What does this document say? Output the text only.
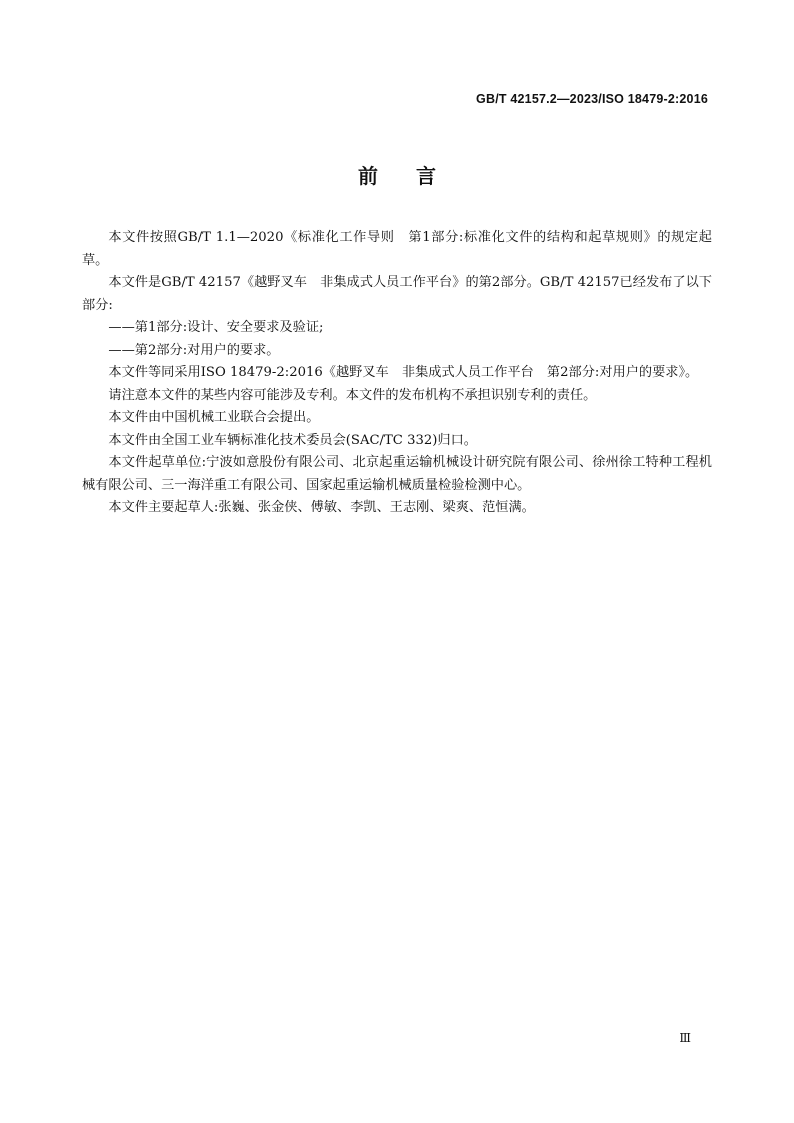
GB/T 42157.2—2023/ISO 18479-2:2016
前 言

本文件按照GB/T 1.1—2020《标准化工作导则　第1部分:标准化文件的结构和起草规则》的规定起草。

本文件是GB/T 42157《越野叉车　非集成式人员工作平台》的第2部分。GB/T 42157已经发布了以下部分:

——第1部分:设计、安全要求及验证;

——第2部分:对用户的要求。

本文件等同采用ISO 18479-2:2016《越野叉车　非集成式人员工作平台　第2部分:对用户的要求》。

请注意本文件的某些内容可能涉及专利。本文件的发布机构不承担识别专利的责任。

本文件由中国机械工业联合会提出。

本文件由全国工业车辆标准化技术委员会(SAC/TC 332)归口。

本文件起草单位:宁波如意股份有限公司、北京起重运输机械设计研究院有限公司、徐州徐工特种工程机械有限公司、三一海洋重工有限公司、国家起重运输机械质量检验检测中心。

本文件主要起草人:张巍、张金侠、傅敏、李凯、王志刚、梁爽、范恒满。

Ⅲ
